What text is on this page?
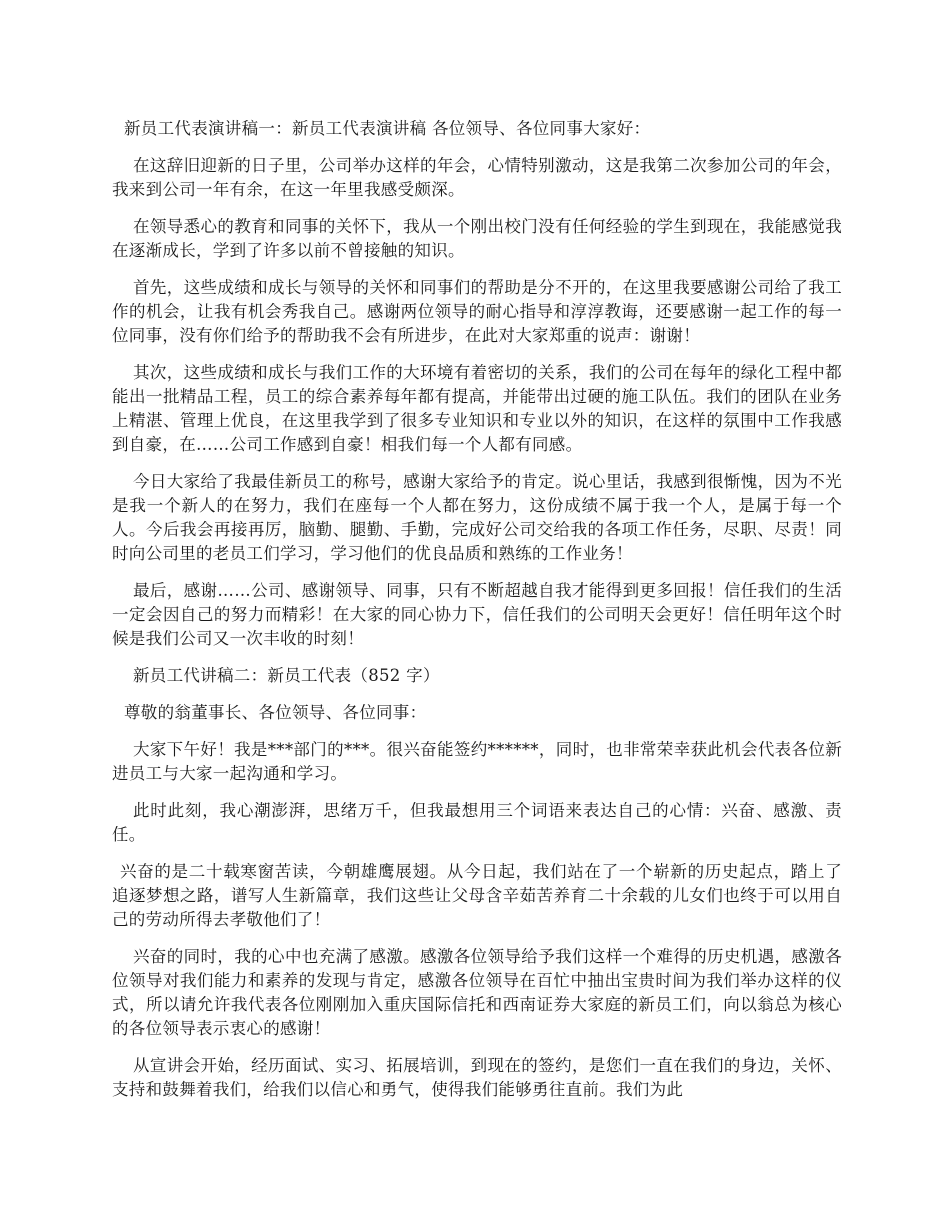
新员工代表演讲稿一：新员工代表演讲稿 各位领导、各位同事大家好：

在这辞旧迎新的日子里，公司举办这样的年会，心情特别激动，这是我第二次参加公司的年会，我来到公司一年有余，在这一年里我感受颇深。

在领导悉心的教育和同事的关怀下，我从一个刚出校门没有任何经验的学生到现在，我能感觉我在逐渐成长，学到了许多以前不曾接触的知识。

首先，这些成绩和成长与领导的关怀和同事们的帮助是分不开的，在这里我要感谢公司给了我工作的机会，让我有机会秀我自己。感谢两位领导的耐心指导和淳淳教诲，还要感谢一起工作的每一位同事，没有你们给予的帮助我不会有所进步，在此对大家郑重的说声：谢谢！

其次，这些成绩和成长与我们工作的大环境有着密切的关系，我们的公司在每年的绿化工程中都能出一批精品工程，员工的综合素养每年都有提高，并能带出过硬的施工队伍。我们的团队在业务上精湛、管理上优良，在这里我学到了很多专业知识和专业以外的知识，在这样的氛围中工作我感到自豪，在……公司工作感到自豪！相我们每一个人都有同感。

今日大家给了我最佳新员工的称号，感谢大家给予的肯定。说心里话，我感到很惭愧，因为不光是我一个新人的在努力，我们在座每一个人都在努力，这份成绩不属于我一个人，是属于每一个人。今后我会再接再厉，脑勤、腿勤、手勤，完成好公司交给我的各项工作任务，尽职、尽责！同时向公司里的老员工们学习，学习他们的优良品质和熟练的工作业务！

最后，感谢……公司、感谢领导、同事，只有不断超越自我才能得到更多回报！信任我们的生活一定会因自己的努力而精彩！在大家的同心协力下，信任我们的公司明天会更好！信任明年这个时候是我们公司又一次丰收的时刻！

新员工代讲稿二：新员工代表（852 字）

尊敬的翁董事长、各位领导、各位同事：

大家下午好！我是***部门的***。很兴奋能签约******，同时，也非常荣幸获此机会代表各位新进员工与大家一起沟通和学习。

此时此刻，我心潮澎湃，思绪万千，但我最想用三个词语来表达自己的心情：兴奋、感激、责任。

兴奋的是二十载寒窗苦读，今朝雄鹰展翅。从今日起，我们站在了一个崭新的历史起点，踏上了追逐梦想之路，谱写人生新篇章，我们这些让父母含辛茹苦养育二十余载的儿女们也终于可以用自己的劳动所得去孝敬他们了！

兴奋的同时，我的心中也充满了感激。感激各位领导给予我们这样一个难得的历史机遇，感激各位领导对我们能力和素养的发现与肯定，感激各位领导在百忙中抽出宝贵时间为我们举办这样的仪式，所以请允许我代表各位刚刚加入重庆国际信托和西南证券大家庭的新员工们，向以翁总为核心的各位领导表示衷心的感谢！

从宣讲会开始，经历面试、实习、拓展培训，到现在的签约，是您们一直在我们的身边，关怀、支持和鼓舞着我们，给我们以信心和勇气，使得我们能够勇往直前。我们为此
